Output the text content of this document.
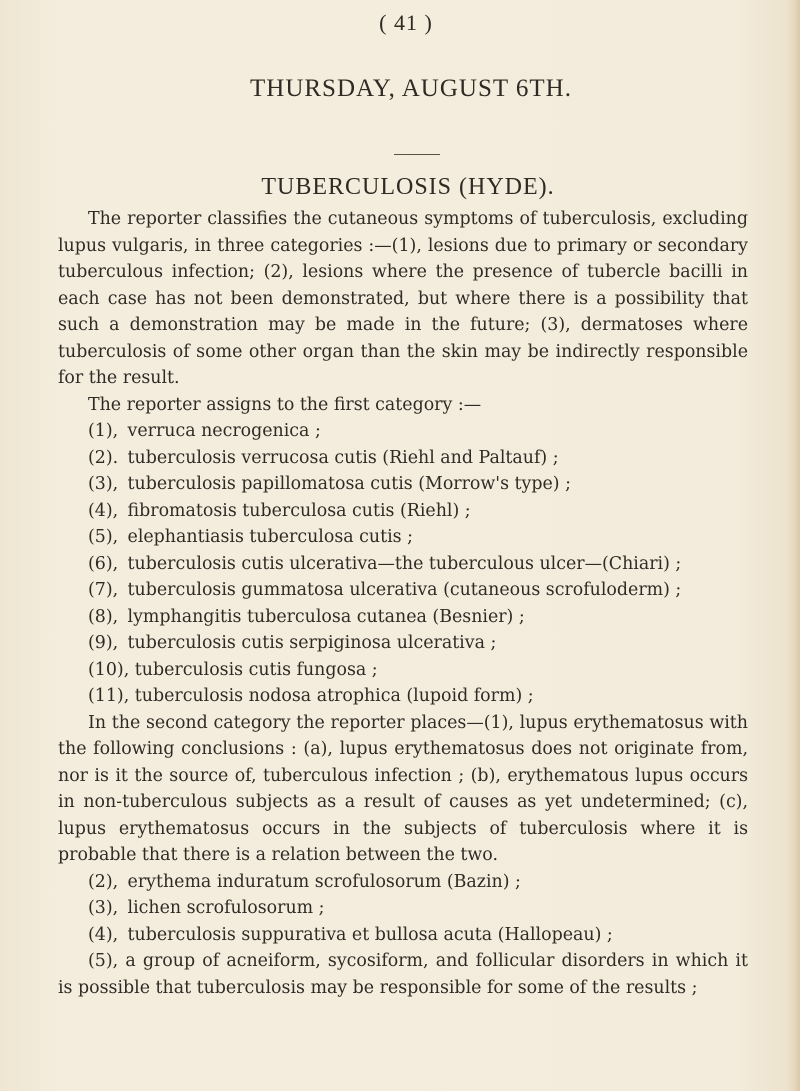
( 41 )
THURSDAY, AUGUST 6TH.
TUBERCULOSIS (HYDE).

The reporter classifies the cutaneous symptoms of tuberculosis, excluding lupus vulgaris, in three categories :—(1), lesions due to primary or secondary tuberculous infection; (2), lesions where the presence of tubercle bacilli in each case has not been demonstrated, but where there is a possibility that such a demonstration may be made in the future; (3), dermatoses where tuberculosis of some other organ than the skin may be indirectly responsible for the result.

The reporter assigns to the first category :—

(1), verruca necrogenica ;
(2). tuberculosis verrucosa cutis (Riehl and Paltauf) ;
(3), tuberculosis papillomatosa cutis (Morrow's type) ;
(4), fibromatosis tuberculosa cutis (Riehl) ;
(5), elephantiasis tuberculosa cutis ;
(6), tuberculosis cutis ulcerativa—the tuberculous ulcer—(Chiari) ;
(7), tuberculosis gummatosa ulcerativa (cutaneous scrofuloderm) ;
(8), lymphangitis tuberculosa cutanea (Besnier) ;
(9), tuberculosis cutis serpiginosa ulcerativa ;
(10), tuberculosis cutis fungosa ;
(11), tuberculosis nodosa atrophica (lupoid form) ;

In the second category the reporter places—(1), lupus erythematosus with the following conclusions : (a), lupus erythematosus does not originate from, nor is it the source of, tuberculous infection ; (b), erythematous lupus occurs in non-tuberculous subjects as a result of causes as yet undetermined; (c), lupus erythematosus occurs in the subjects of tuberculosis where it is probable that there is a relation between the two.

(2), erythema induratum scrofulosorum (Bazin) ;
(3), lichen scrofulosorum ;
(4), tuberculosis suppurativa et bullosa acuta (Hallopeau) ;
(5), a group of acneiform, sycosiform, and follicular disorders in which it is possible that tuberculosis may be responsible for some of the results ;
